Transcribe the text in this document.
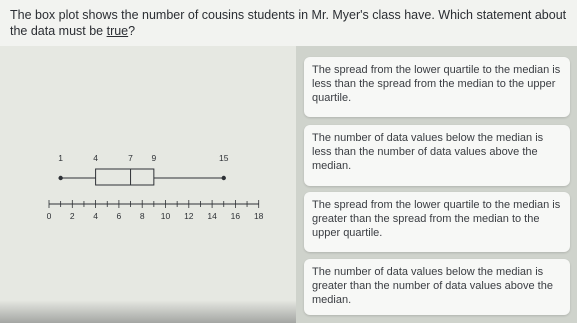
The box plot shows the number of cousins students in Mr. Myer's class have. Which statement about the data must be true?
1	4	7 9	15
0 2 4 6 8 10 12 14 16 18
The spread from the lower quartile to the median is less than the spread from the median to the upper quartile.
The number of data values below the median is less than the number of data values above the median.
The spread from the lower quartile to the median is greater than the spread from the median to the upper quartile.
The number of data values below the median is greater than the number of data values above the median.
